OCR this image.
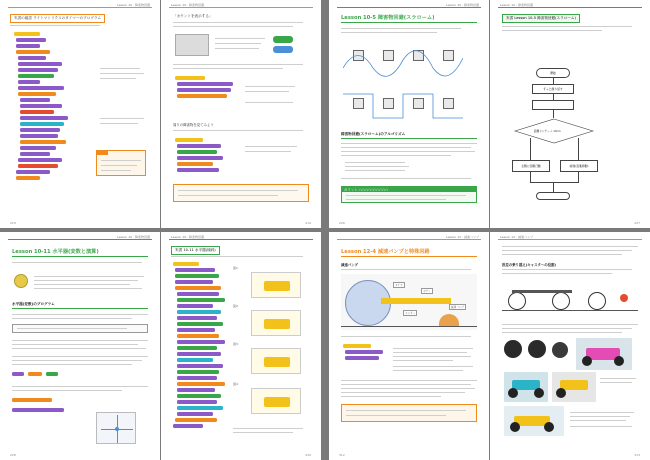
Lesson 10 : 障害物回避
実習の確認 ライトマトリクスのタイマーのプログラム
218
Lesson 10 : 障害物回避
「カウントを表示する」
周りの障害物を見てみよう
219
Lesson 10 : 障害物回避
Lesson 10-5 障害物回避(スラローム)
障害物回避(スラローム)のアルゴリズム
ポイント ○○○○○○○○○○
226
Lesson 10 : 障害物回避
実習 Lesson 10-5 障害物回避(スラローム)
開始
ずっと繰り返す
距離センサー < 10cm
左側に回避行動	前進(直進移動)
227
Lesson 10 : 障害物回避
Lesson 10-11 水平器(変数と演算)
水平器(変数)のプログラム
228
Lesson 10 : 障害物回避
実習 10-11 水平器(傾斜)
図1
図2
図3
図4
229
Lesson 12 : 減速バンプ
Lesson 12-4 減速バンプと特殊回路
減速バンプ
タイヤ
ボディ
センサー
減速バンプ
312
Lesson 12 : 減速バンプ
段差の乗り越え(キャスターの役割)
313
